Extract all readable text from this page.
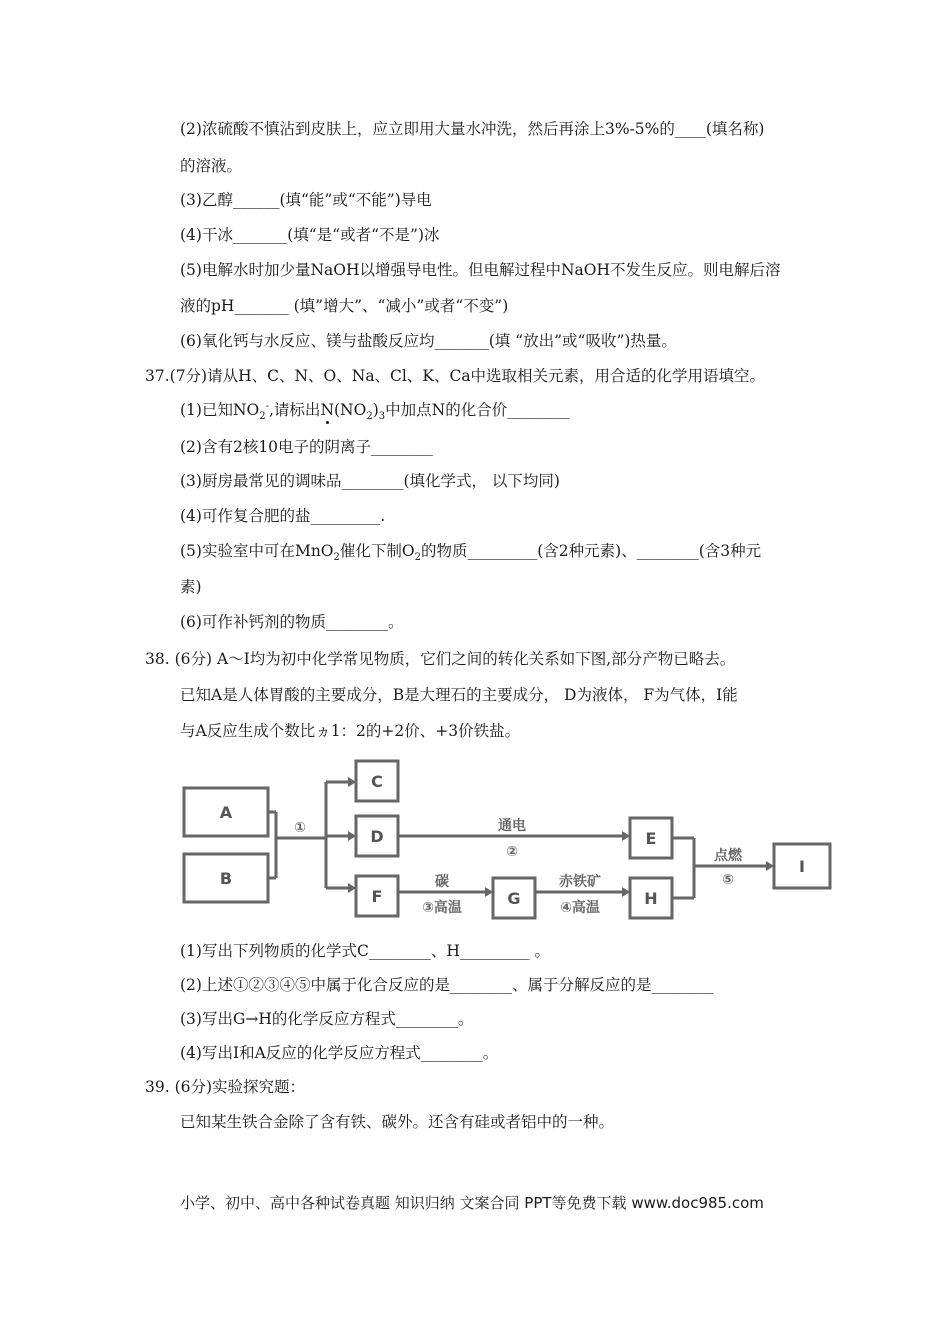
(2)浓硫酸不慎沾到皮肤上，应立即用大量水冲洗，然后再涂上3%-5%的____(填名称)
的溶液。
(3)乙醇______(填“能”或“不能”)导电
(4)干冰_______(填“是“或者“不是”)冰
(5)电解水时加少量NaOH以增强导电性。但电解过程中NaOH不发生反应。则电解后溶
液的pH_______ (填”增大”、“减小”或者“不变”)
(6)氧化钙与水反应、镁与盐酸反应均_______(填 “放出”或“吸收”)热量。
37.(7分)请从H、C、N、O、Na、Cl、K、Ca中选取相关元素，用合适的化学用语填空。
(1)已知$NO_2^-$,请标出$N(NO_2)_3$中加点N的化合价________
(2)含有2核10电子的阴离子________
(3)厨房最常见的调味品________(填化学式， 以下均同)
(4)可作复合肥的盐_________.
(5)实验室中可在MnO$_2$催化下制$O_2$的物质_________(含2种元素)、________(含3种元
素)
(6)可作补钙剂的物质________。
38. (6分) A～I均为初中化学常见物质，它们之间的转化关系如下图,部分产物已略去。
已知A是人体胃酸的主要成分，B是大理石的主要成分， D为液体， F为气体，I能
与A反应生成个数比ヵ1：2的+2价、+3价铁盐。
A
B
C
D	E
F	G	H
I
①	通电
②
碳
③高温
赤铁矿
④高温
点燃
⑤
(1)写出下列物质的化学式C________、H_________ 。
(2)上述①②③④⑤中属于化合反应的是________、属于分解反应的是________
(3)写出G→H的化学反应方程式________。
(4)写出I和A反应的化学反应方程式________。
39. (6分)实验探究题：
已知某生铁合金除了含有铁、碳外。还含有硅或者铝中的一种。
小学、初中、高中各种试卷真题 知识归纳 文案合同 PPT等免费下载 www.doc985.com
